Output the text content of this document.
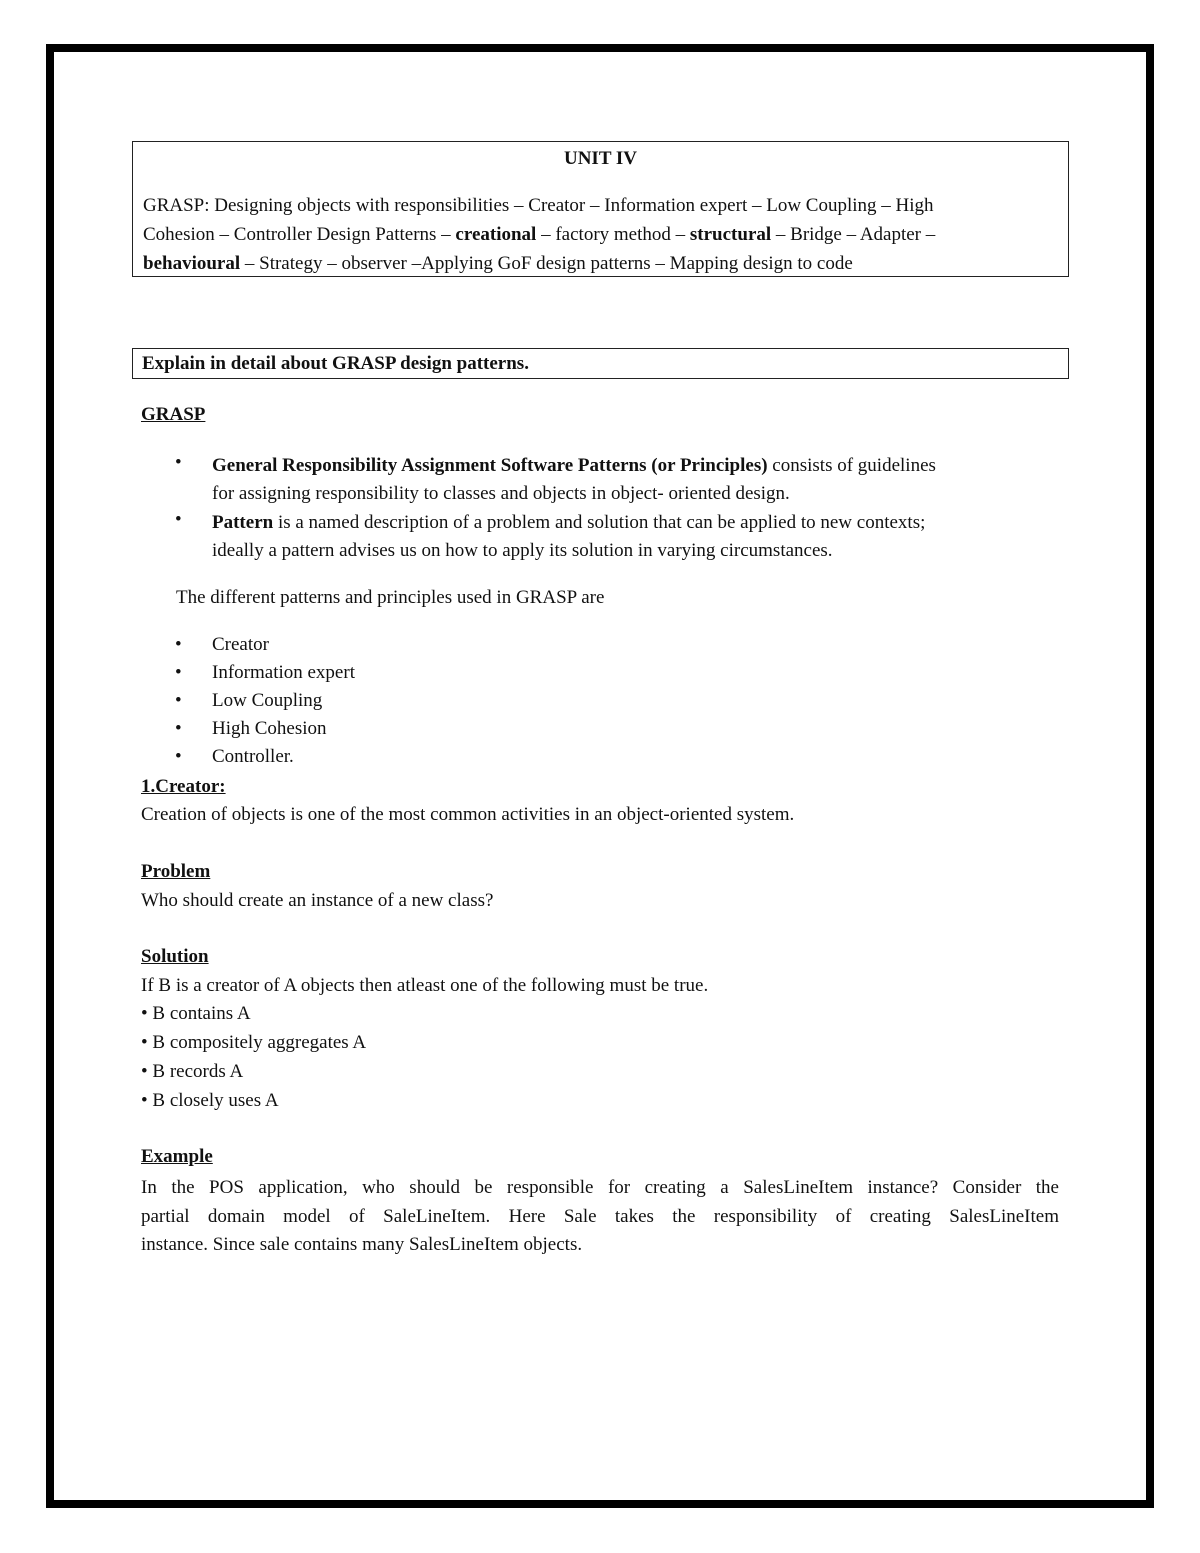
UNIT IV
GRASP: Designing objects with responsibilities – Creator – Information expert – Low Coupling – High
Cohesion – Controller Design Patterns – creational – factory method – structural – Bridge – Adapter –
behavioural – Strategy – observer –Applying GoF design patterns – Mapping design to code
Explain in detail about GRASP design patterns.
GRASP
• General Responsibility Assignment Software Patterns (or Principles) consists of guidelines
for assigning responsibility to classes and objects in object- oriented design.
• Pattern is a named description of a problem and solution that can be applied to new contexts;
ideally a pattern advises us on how to apply its solution in varying circumstances.
The different patterns and principles used in GRASP are
• Creator
• Information expert
• Low Coupling
• High Cohesion
• Controller.
1.Creator:
Creation of objects is one of the most common activities in an object-oriented system.
Problem
Who should create an instance of a new class?
Solution
If B is a creator of A objects then atleast one of the following must be true.
• B contains A
• B compositely aggregates A
• B records A
• B closely uses A
Example
In the POS application, who should be responsible for creating a SalesLineItem instance? Consider the
partial domain model of SaleLineItem. Here Sale takes the responsibility of creating SalesLineItem
instance. Since sale contains many SalesLineItem objects.
